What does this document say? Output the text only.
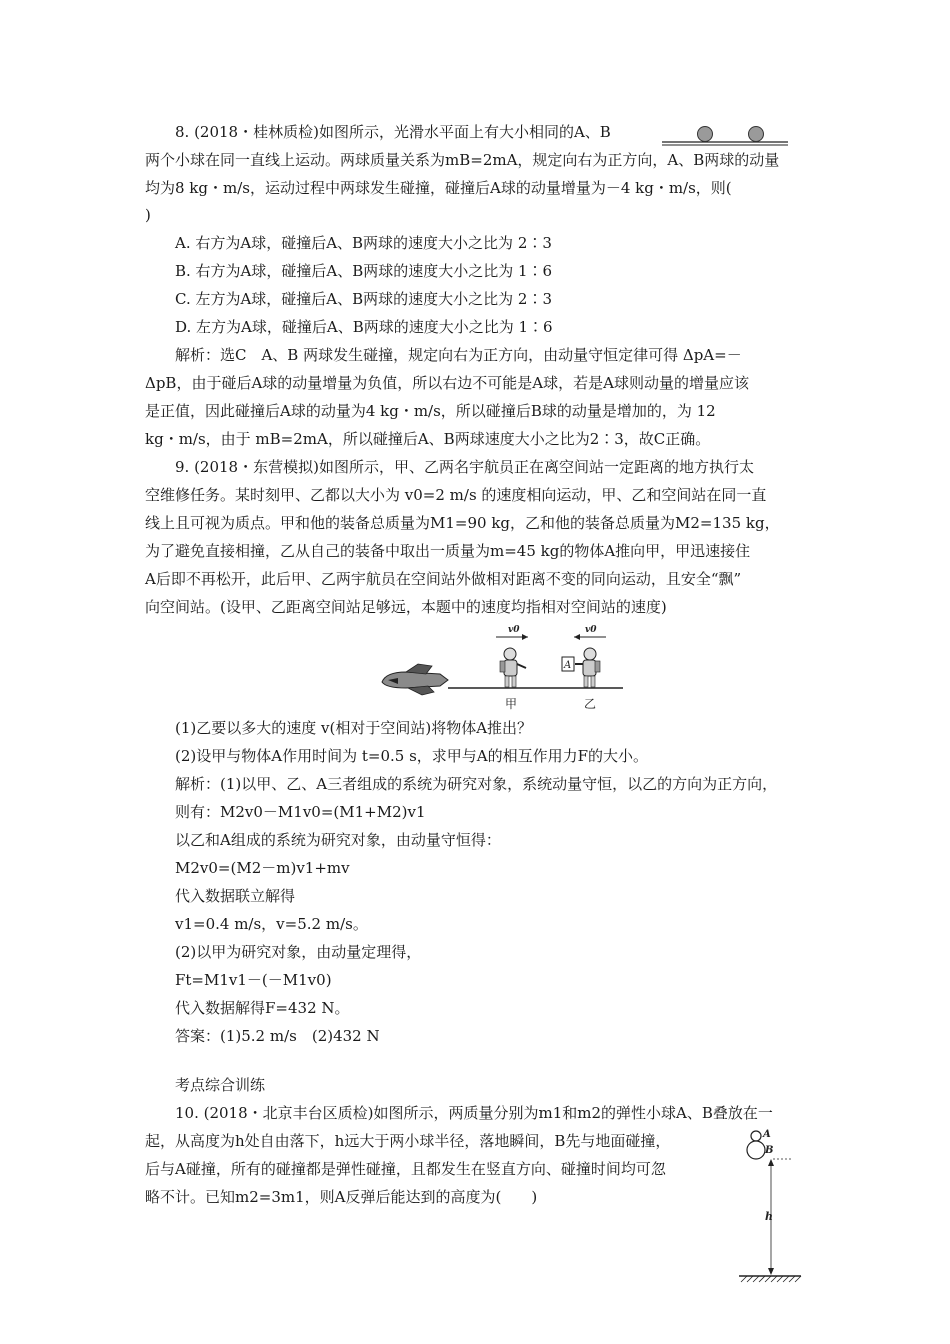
8. (2018・桂林质检)如图所示，光滑水平面上有大小相同的A、B
两个小球在同一直线上运动。两球质量关系为mB=2mA，规定向右为正方向，A、B两球的动量
均为8 kg・m/s，运动过程中两球发生碰撞，碰撞后A球的动量增量为－4 kg・m/s，则(
)
A. 右方为A球，碰撞后A、B两球的速度大小之比为 2∶3
B. 右方为A球，碰撞后A、B两球的速度大小之比为 1∶6
C. 左方为A球，碰撞后A、B两球的速度大小之比为 2∶3
D. 左方为A球，碰撞后A、B两球的速度大小之比为 1∶6
解析：选C　A、B 两球发生碰撞，规定向右为正方向，由动量守恒定律可得 ΔpA=－
ΔpB，由于碰后A球的动量增量为负值，所以右边不可能是A球，若是A球则动量的增量应该
是正值，因此碰撞后A球的动量为4 kg・m/s，所以碰撞后B球的动量是增加的，为 12
kg・m/s，由于 mB=2mA，所以碰撞后A、B两球速度大小之比为2∶3，故C正确。
9. (2018・东营模拟)如图所示，甲、乙两名宇航员正在离空间站一定距离的地方执行太
空维修任务。某时刻甲、乙都以大小为 v0=2 m/s 的速度相向运动，甲、乙和空间站在同一直
线上且可视为质点。甲和他的装备总质量为M1=90 kg，乙和他的装备总质量为M2=135 kg，
为了避免直接相撞，乙从自己的装备中取出一质量为m=45 kg的物体A推向甲，甲迅速接住
A后即不再松开，此后甲、乙两宇航员在空间站外做相对距离不变的同向运动，且安全“飘”
向空间站。(设甲、乙距离空间站足够远，本题中的速度均指相对空间站的速度)
v0	v0
A
甲	乙
(1)乙要以多大的速度 v(相对于空间站)将物体A推出？
(2)设甲与物体A作用时间为 t=0.5 s，求甲与A的相互作用力F的大小。
解析：(1)以甲、乙、A三者组成的系统为研究对象，系统动量守恒，以乙的方向为正方向，
则有：M2v0－M1v0=(M1+M2)v1
以乙和A组成的系统为研究对象，由动量守恒得：
M2v0=(M2－m)v1+mv
代入数据联立解得
v1=0.4 m/s，v=5.2 m/s。
(2)以甲为研究对象，由动量定理得，
Ft=M1v1－(－M1v0)
代入数据解得F=432 N。
答案：(1)5.2 m/s　(2)432 N
考点综合训练
10. (2018・北京丰台区质检)如图所示，两质量分别为m1和m2的弹性小球A、B叠放在一
起，从高度为h处自由落下，h远大于两小球半径，落地瞬间，B先与地面碰撞，
后与A碰撞，所有的碰撞都是弹性碰撞，且都发生在竖直方向、碰撞时间均可忽
略不计。已知m2=3m1，则A反弹后能达到的高度为(　　)
A
B
h
